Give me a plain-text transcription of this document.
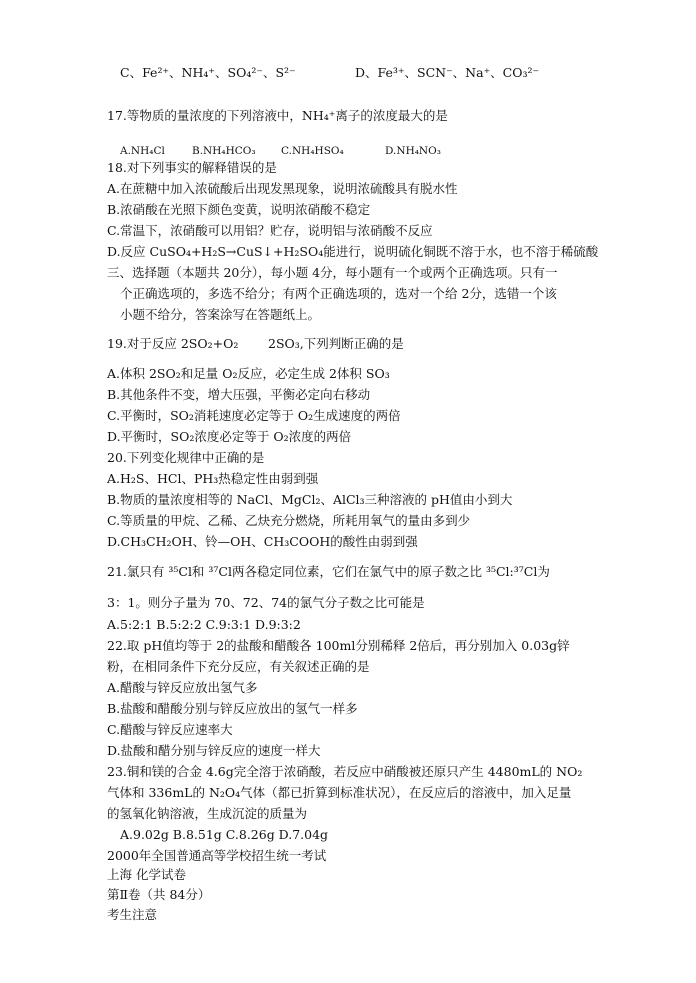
C、Fe²⁺、NH₄⁺、SO₄²⁻、S²⁻	D、Fe³⁺、SCN⁻、Na⁺、CO₃²⁻
17.等物质的量浓度的下列溶液中，NH₄⁺离子的浓度最大的是
A.NH₄Cl	B.NH₄HCO₃ C.NH₄HSO₄	D.NH₄NO₃
18.对下列事实的解释错误的是
A.在蔗糖中加入浓硫酸后出现发黑现象，说明浓硫酸具有脱水性
B.浓硝酸在光照下颜色变黄，说明浓硝酸不稳定
C.常温下，浓硝酸可以用铝？贮存，说明铝与浓硝酸不反应
D.反应 CuSO₄+H₂S→CuS↓+H₂SO₄能进行，说明硫化铜既不溶于水，也不溶于稀硫酸
三、选择题（本题共 20分），每小题 4分，每小题有一个或两个正确选项。只有一
个正确选项的，多选不给分；有两个正确选项的，选对一个给 2分，选错一个该
小题不给分，答案涂写在答题纸上。
19.对于反应 2SO₂+O₂ 2SO₃,下列判断正确的是
A.体积 2SO₂和足量 O₂反应，必定生成 2体积 SO₃
B.其他条件不变，增大压强，平衡必定向右移动
C.平衡时，SO₂消耗速度必定等于 O₂生成速度的两倍
D.平衡时，SO₂浓度必定等于 O₂浓度的两倍
20.下列变化规律中正确的是
A.H₂S、HCl、PH₃热稳定性由弱到强
B.物质的量浓度相等的 NaCl、MgCl₂、AlCl₃三种溶液的 pH值由小到大
C.等质量的甲烷、乙稀、乙炔充分燃烧，所耗用氧气的量由多到少
D.CH₃CH₂OH、铃—OH、CH₃COOH的酸性由弱到强
21.氯只有 ³⁵Cl和 ³⁷Cl两各稳定同位素，它们在氯气中的原子数之比 ³⁵Cl:³⁷Cl为
3：1。则分子量为 70、72、74的氯气分子数之比可能是
A.5:2:1 B.5:2:2 C.9:3:1 D.9:3:2
22.取 pH值均等于 2的盐酸和醋酸各 100ml分别稀释 2倍后，再分别加入 0.03g锌
粉，在相同条件下充分反应，有关叙述正确的是
A.醋酸与锌反应放出氢气多
B.盐酸和醋酸分别与锌反应放出的氢气一样多
C.醋酸与锌反应速率大
D.盐酸和醋分别与锌反应的速度一样大
23.铜和镁的合金 4.6g完全溶于浓硝酸，若反应中硝酸被还原只产生 4480mL的 NO₂
气体和 336mL的 N₂O₄气体（都已折算到标准状况），在反应后的溶液中，加入足量
的氢氧化钠溶液，生成沉淀的质量为
A.9.02g B.8.51g C.8.26g D.7.04g
2000年全国普通高等学校招生统一考试
上海 化学试卷
第Ⅱ卷（共 84分）
考生注意
